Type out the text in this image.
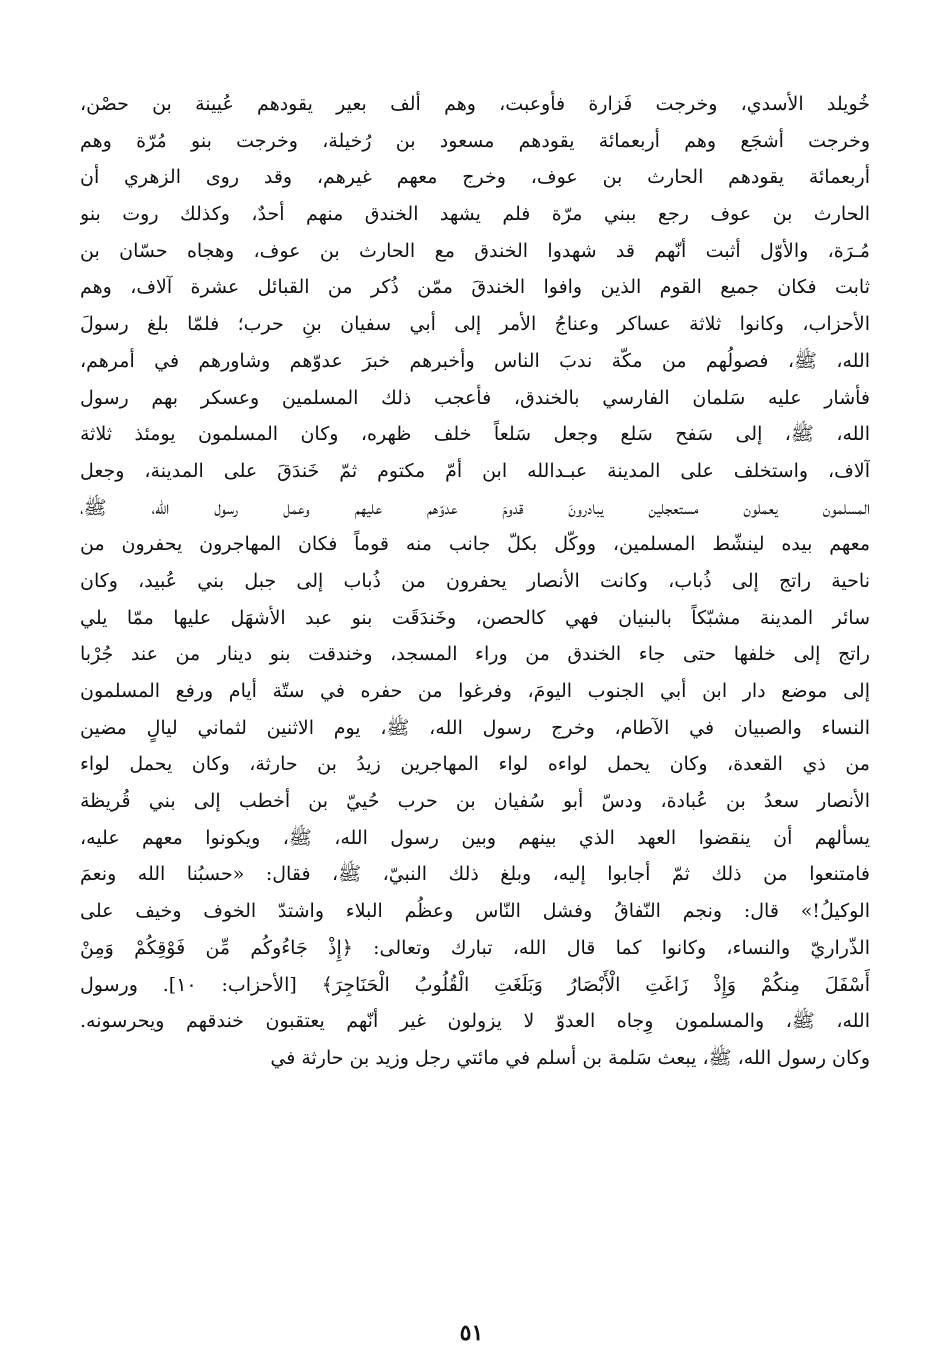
خُويلد الأسدي، وخرجت فَزارة فأوعبت، وهم ألف بعير يقودهم عُيينة بن حصْن،
وخرجت أشجَع وهم أربعمائة يقودهم مسعود بن رُخيلة، وخرجت بنو مُرّة وهم
أربعمائة يقودهم الحارث بن عوف، وخرج معهم غيرهم، وقد روى الزهري أن
الحارث بن عوف رجع ببني مرّة فلم يشهد الخندق منهم أحدٌ، وكذلك روت بنو
مُـرَة، والأوّل أثبت أنّهم قد شهدوا الخندق مع الحارث بن عوف، وهجاه حسّان بن
ثابت فكان جميع القوم الذين وافوا الخندقَ ممّن ذُكر من القبائل عشرة آلاف، وهم
الأحزاب، وكانوا ثلاثة عساكر وعناجُ الأمر إلى أبي سفيان بنِ حرب؛ فلمّا بلغ رسولَ
الله، ﷺ، فصولُهم من مكّة ندبَ الناس وأخبرهم خبرَ عدوّهم وشاورهم في أمرهم،
فأشار عليه سَلمان الفارسي بالخندق، فأعجب ذلك المسلمين وعسكر بهم رسول
الله، ﷺ، إلى سَفح سَلع وجعل سَلعاً خلف ظهره، وكان المسلمون يومئذ ثلاثة
آلاف، واستخلف على المدينة عبـدالله ابن أمّ مكتوم ثمّ خَندَقَ على المدينة، وجعل
المسلمون يعملون مستعجلين يبادرونَ قدومَ عدوّهم عليهم وعمل رسول الله، ﷺ،
معهم بيده لينشّط المسلمين، ووكّل بكلّ جانب منه قوماً فكان المهاجرون يحفرون من
ناحية راتج إلى ذُباب، وكانت الأنصار يحفرون من ذُباب إلى جبل بني عُبيد، وكان
سائر المدينة مشبّكاً بالبنيان فهي كالحصن، وخَندَقَت بنو عبد الأشهَل عليها ممّا يلي
راتج إلى خلفها حتى جاء الخندق من وراء المسجد، وخندقت بنو دينار من عند جُرْبا
إلى موضع دار ابن أبي الجنوب اليومَ، وفرغوا من حفره في ستّة أيام ورفع المسلمون
النساء والصبيان في الآطام، وخرج رسول الله، ﷺ، يوم الاثنين لثماني ليالٍ مضين
من ذي القعدة، وكان يحمل لواءه لواء المهاجرين زيدُ بن حارثة، وكان يحمل لواء
الأنصار سعدُ بن عُبادة، ودسّ أبو سُفيان بن حرب حُييّ بن أخطب إلى بني قُريظة
يسألهم أن ينقضوا العهد الذي بينهم وبين رسول الله، ﷺ، ويكونوا معهم عليه،
فامتنعوا من ذلك ثمّ أجابوا إليه، وبلغ ذلك النبيّ، ﷺ، فقال: «حسبُنا الله ونعمَ
الوكيلُ!» قال: ونجم النّفاقُ وفشل النّاس وعظُم البلاء واشتدّ الخوف وخيف على
الذّراريّ والنساء، وكانوا كما قال الله، تبارك وتعالى: ﴿إِذْ جَاءُوكُم مِّن فَوْقِكُمْ وَمِنْ
أَسْفَلَ مِنكُمْ وَإِذْ زَاغَتِ الْأَبْصَارُ وَبَلَغَتِ الْقُلُوبُ الْحَنَاجِرَ﴾ [الأحزاب: ١٠]. ورسول
الله، ﷺ، والمسلمون وِجاه العدوّ لا يزولون غير أنّهم يعتقبون خندقهم ويحرسونه.
وكان رسول الله، ﷺ، يبعث سَلمة بن أسلم في مائتي رجل وزيد بن حارثة في
٥١
